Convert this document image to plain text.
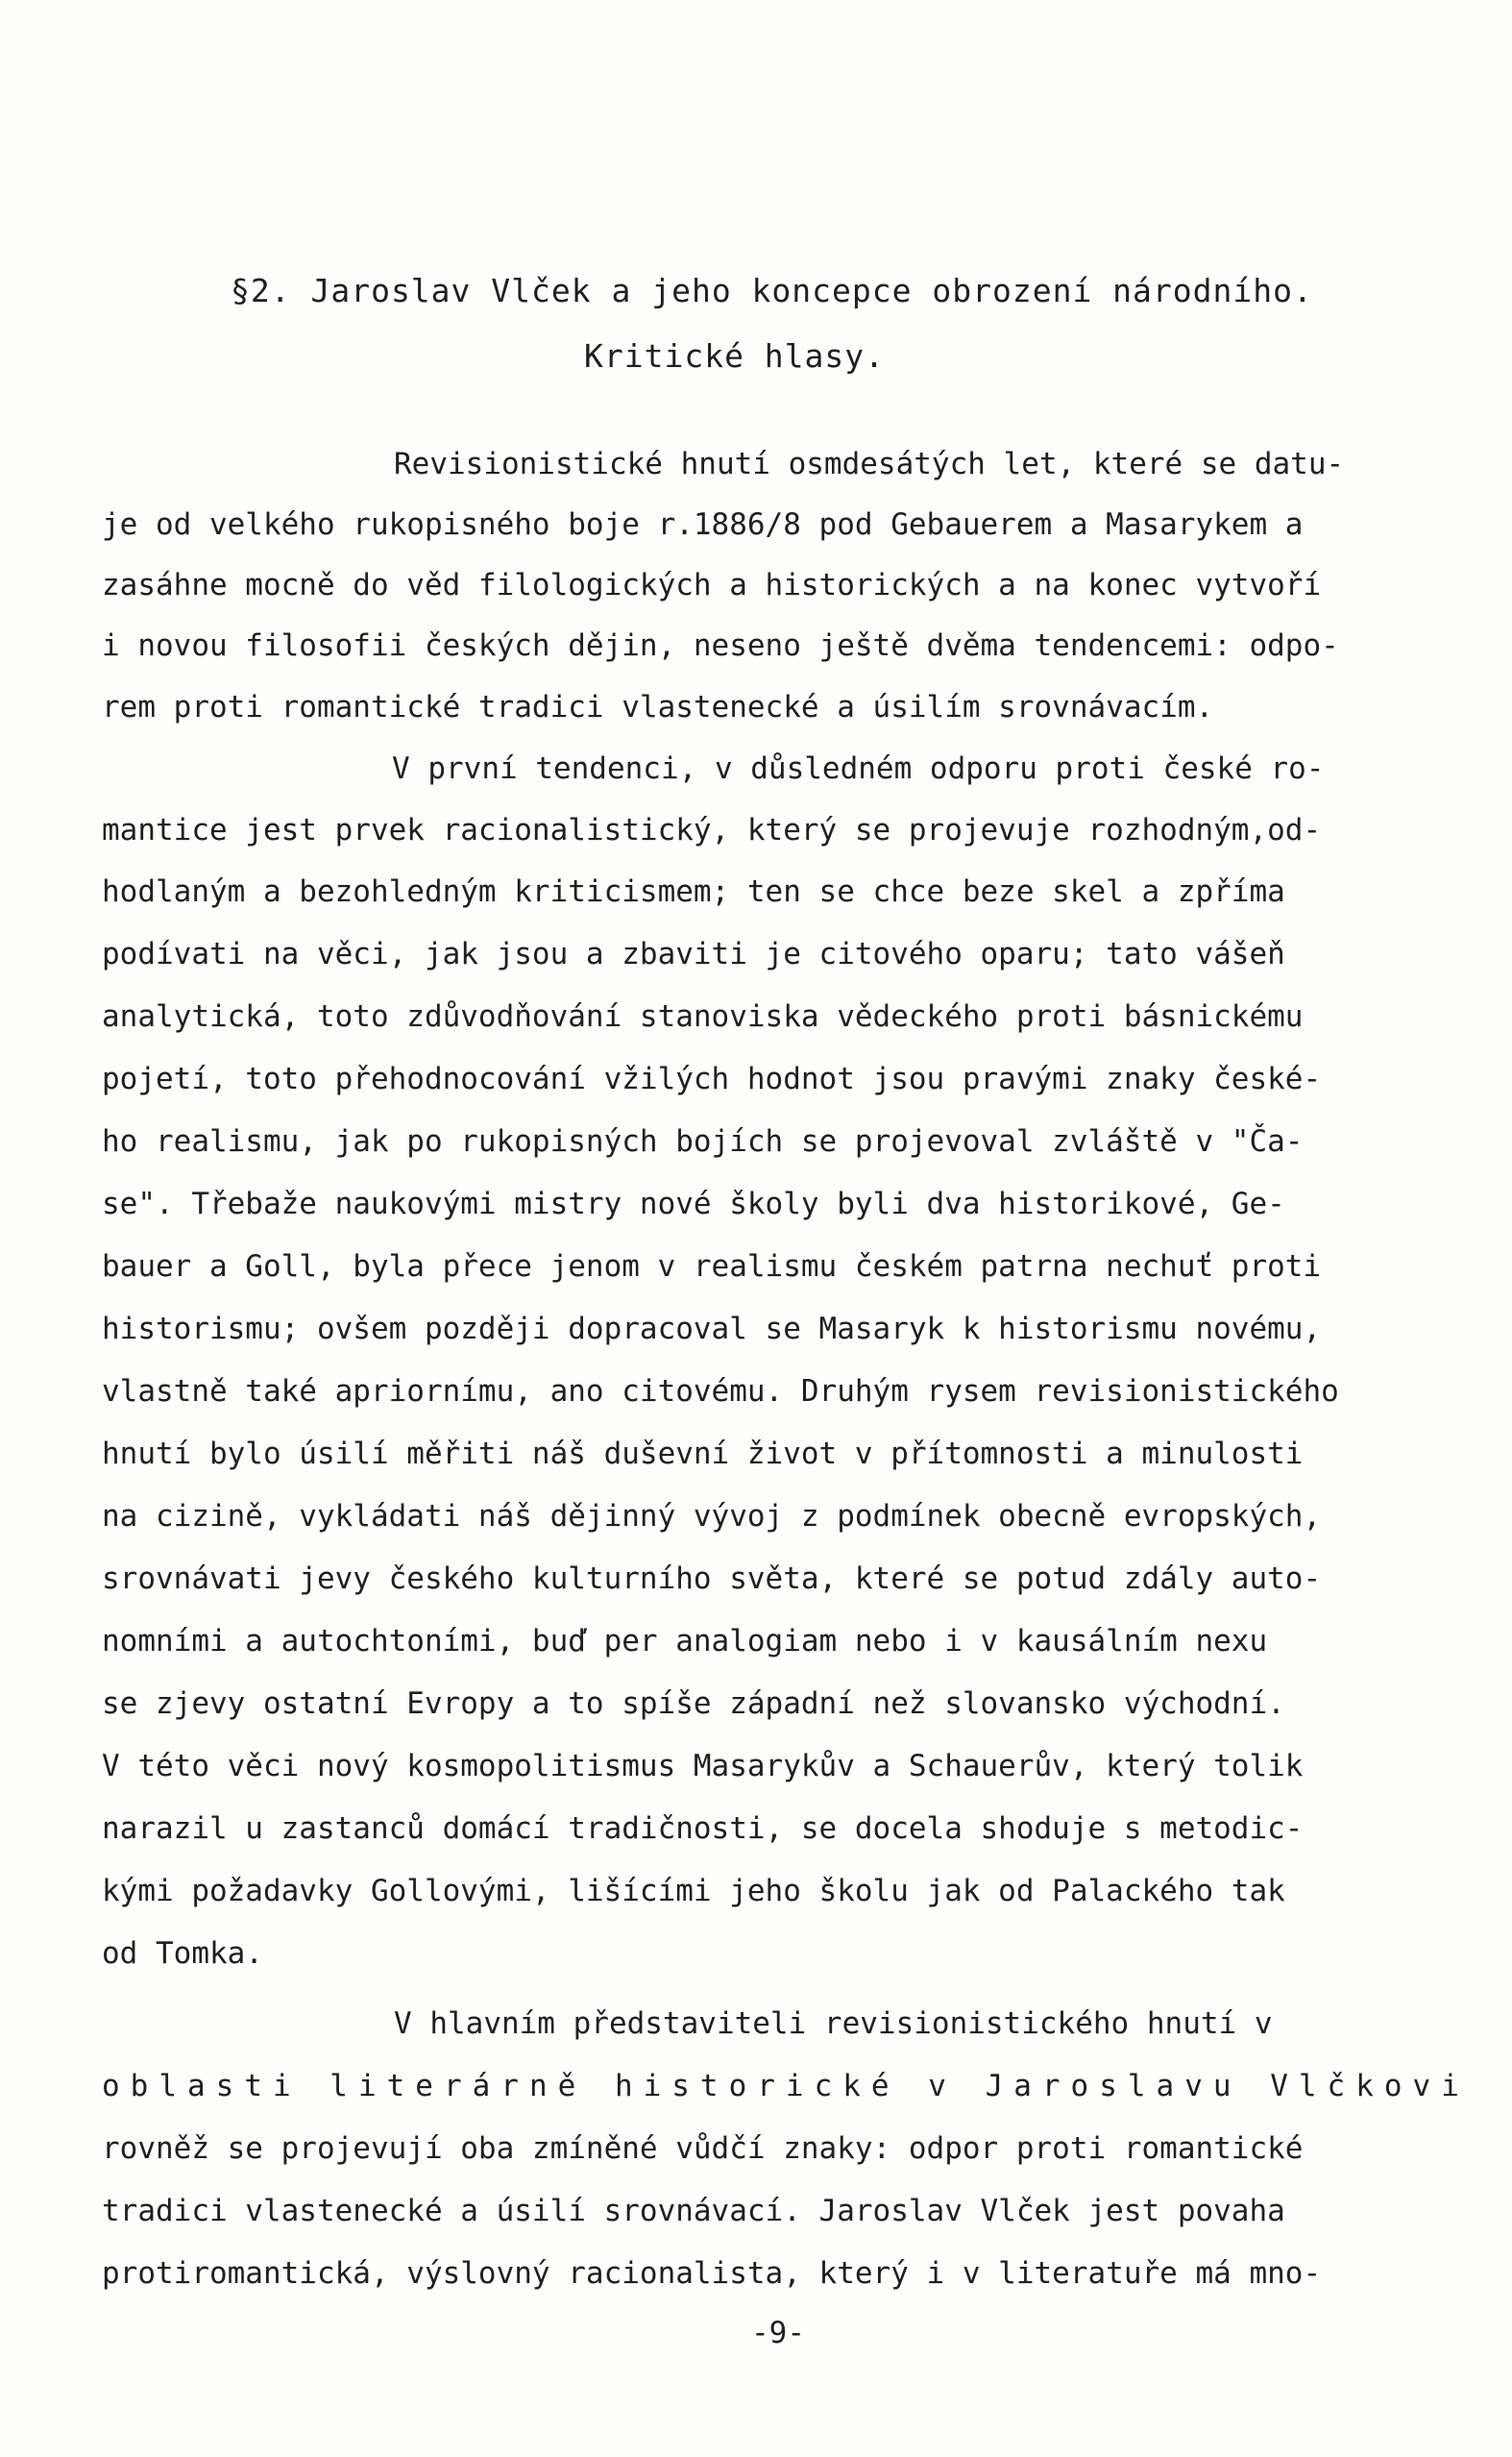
§2. Jaroslav Vlček a jeho koncepce obrození národního.
Kritické hlasy.
Revisionistické hnutí osmdesátých let, které se datu-
je od velkého rukopisného boje r.1886/8 pod Gebauerem a Masarykem a
zasáhne mocně do věd filologických a historických a na konec vytvoří
i novou filosofii českých dějin, neseno ještě dvěma tendencemi: odpo-
rem proti romantické tradici vlastenecké a úsilím srovnávacím.
V první tendenci, v důsledném odporu proti české ro-
mantice jest prvek racionalistický, který se projevuje rozhodným,od-
hodlaným a bezohledným kriticismem; ten se chce beze skel a zpříma
podívati na věci, jak jsou a zbaviti je citového oparu; tato vášeň
analytická, toto zdůvodňování stanoviska vědeckého proti básnickému
pojetí, toto přehodnocování vžilých hodnot jsou pravými znaky české-
ho realismu, jak po rukopisných bojích se projevoval zvláště v "Ča-
se". Třebaže naukovými mistry nové školy byli dva historikové, Ge-
bauer a Goll, byla přece jenom v realismu českém patrna nechuť proti
historismu; ovšem později dopracoval se Masaryk k historismu novému,
vlastně také apriornímu, ano citovému. Druhým rysem revisionistického
hnutí bylo úsilí měřiti náš duševní život v přítomnosti a minulosti
na cizině, vykládati náš dějinný vývoj z podmínek obecně evropských,
srovnávati jevy českého kulturního světa, které se potud zdály auto-
nomními a autochtoními, buď per analogiam nebo i v kausálním nexu
se zjevy ostatní Evropy a to spíše západní než slovansko východní.
V této věci nový kosmopolitismus Masarykův a Schauerův, který tolik
narazil u zastanců domácí tradičnosti, se docela shoduje s metodic-
kými požadavky Gollovými, lišícími jeho školu jak od Palackého tak
od Tomka.
V hlavním představiteli revisionistického hnutí v
oblasti literárně historické v Jaroslavu Vlčkovi
rovněž se projevují oba zmíněné vůdčí znaky: odpor proti romantické
tradici vlastenecké a úsilí srovnávací. Jaroslav Vlček jest povaha
protiromantická, výslovný racionalista, který i v literatuře má mno-
-9-
